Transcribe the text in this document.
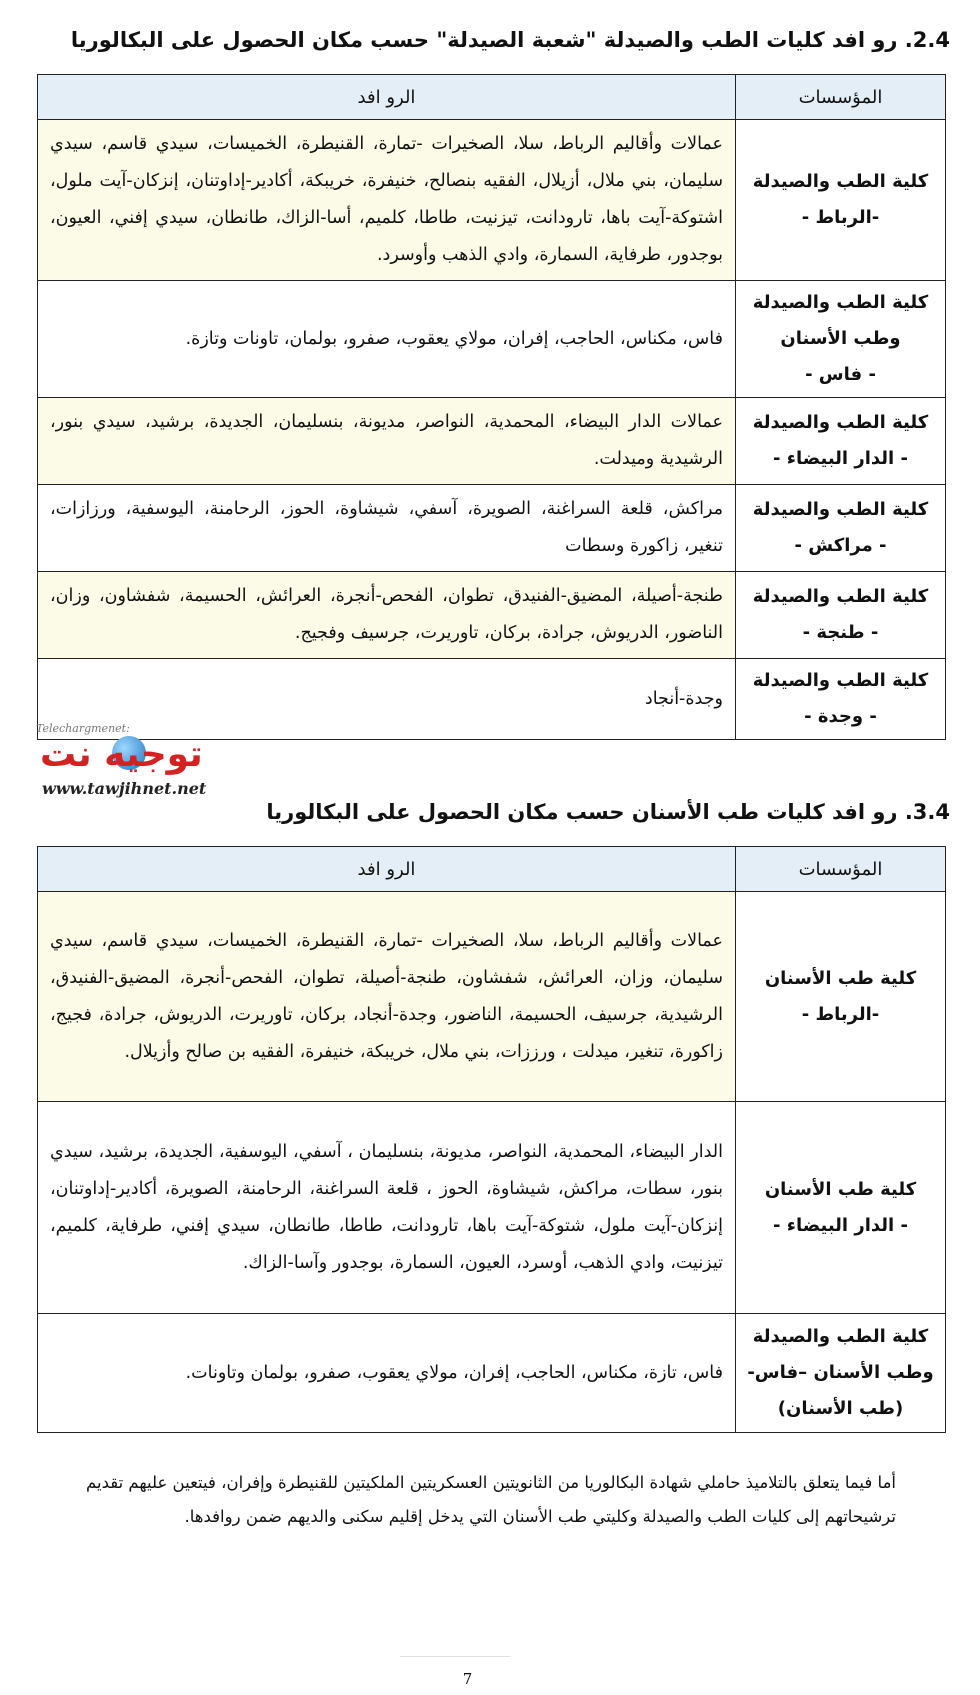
2.4. رو افد كليات الطب والصيدلة "شعبة الصيدلة" حسب مكان الحصول على البكالوريا
المؤسسات	الرو افد

كلية الطب والصيدلة
-الرباط -	عمالات وأقاليم الرباط، سلا، الصخيرات -تمارة، القنيطرة، الخميسات، سيدي قاسم، سيدي سليمان، بني ملال، أزيلال، الفقيه بنصالح، خنيفرة، خريبكة، أكادير-إداوتنان، إنزكان-آيت ملول، اشتوكة-آيت باها، تارودانت، تيزنيت، طاطا، كلميم، أسا-الزاك، طانطان، سيدي إفني، العيون، بوجدور، طرفاية، السمارة، وادي الذهب وأوسرد.

كلية الطب والصيدلة
وطب الأسنان
- فاس -	فاس، مكناس، الحاجب، إفران، مولاي يعقوب، صفرو، بولمان، تاونات وتازة.

كلية الطب والصيدلة
- الدار البيضاء -	عمالات الدار البيضاء، المحمدية، النواصر، مديونة، بنسليمان، الجديدة، برشيد، سيدي بنور، الرشيدية وميدلت.

كلية الطب والصيدلة
- مراكش -	مراكش، قلعة السراغنة، الصويرة، آسفي، شيشاوة، الحوز، الرحامنة، اليوسفية، ورزازات، تنغير، زاكورة وسطات

كلية الطب والصيدلة
- طنجة -	طنجة-أصيلة، المضيق-الفنيدق، تطوان، الفحص-أنجرة، العرائش، الحسيمة، شفشاون، وزان، الناضور، الدريوش، جرادة، بركان، تاوريرت، جرسيف وفجيج.

كلية الطب والصيدلة
- وجدة -	وجدة-أنجاد
Telechargmenet:
توجيه نت
www.tawjihnet.net
3.4. رو افد كليات طب الأسنان حسب مكان الحصول على البكالوريا
المؤسسات	الرو افد

كلية طب الأسنان
-الرباط -	عمالات وأقاليم الرباط، سلا، الصخيرات -تمارة، القنيطرة، الخميسات، سيدي قاسم، سيدي سليمان، وزان، العرائش، شفشاون، طنجة-أصيلة، تطوان، الفحص-أنجرة، المضيق-الفنيدق، الرشيدية، جرسيف، الحسيمة، الناضور، وجدة-أنجاد، بركان، تاوريرت، الدريوش، جرادة، فجيج، زاكورة، تنغير، ميدلت ، ورززات، بني ملال، خريبكة، خنيفرة، الفقيه بن صالح وأزيلال.

كلية طب الأسنان
- الدار البيضاء -	الدار البيضاء، المحمدية، النواصر، مديونة، بنسليمان ، آسفي، اليوسفية، الجديدة، برشيد، سيدي بنور، سطات، مراكش، شيشاوة، الحوز ، قلعة السراغنة، الرحامنة، الصويرة، أكادير-إداوتنان، إنزكان-آيت ملول، شتوكة-آيت باها، تارودانت، طاطا، طانطان، سيدي إفني، طرفاية، كلميم، تيزنيت، وادي الذهب، أوسرد، العيون، السمارة، بوجدور وآسا-الزاك.

كلية الطب والصيدلة
وطب الأسنان –فاس-
(طب الأسنان)	فاس، تازة، مكناس، الحاجب، إفران، مولاي يعقوب، صفرو، بولمان وتاونات.
أما فيما يتعلق بالتلاميذ حاملي شهادة البكالوريا من الثانويتين العسكريتين الملكيتين للقنيطرة وإفران، فيتعين عليهم تقديم ترشيحاتهم إلى كليات الطب والصيدلة وكليتي طب الأسنان التي يدخل إقليم سكنى والديهم ضمن روافدها.
7
